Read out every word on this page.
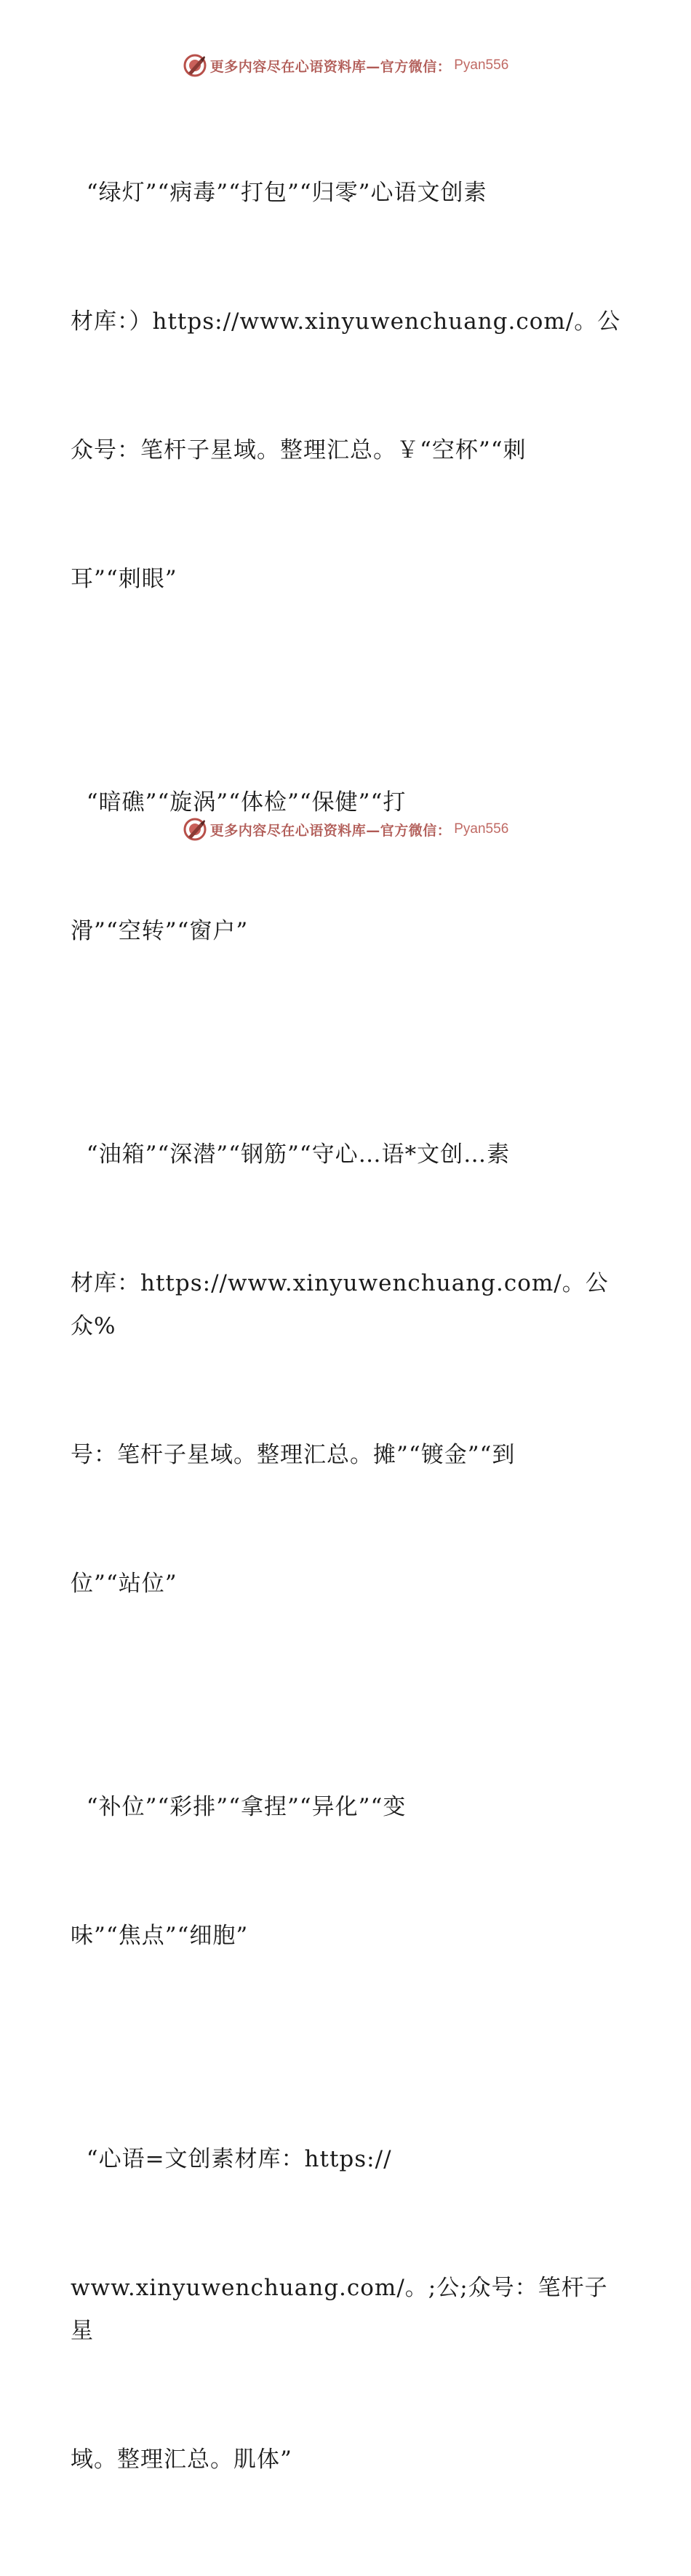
更多内容尽在心语资料库—官方微信： Pyan556

“绿灯”“病毒”“打包”“归零”心语文创素

材库：）https://www.xinyuwenchuang.com/。公

众号：笔杆子星域。整理汇总。￥“空杯”“刺

耳”“刺眼”

“暗礁”“旋涡”“体检”“保健”“打

滑”“空转”“窗户”

“油箱”“深潜”“钢筋”“守心…语*文创…素

材库：https://www.xinyuwenchuang.com/。公众%

号：笔杆子星域。整理汇总。摊”“镀金”“到

位”“站位”

“补位”“彩排”“拿捏”“异化”“变

味”“焦点”“细胞”

“心语=文创素材库：https://

www.xinyuwenchuang.com/。;公;众号：笔杆子星

域。整理汇总。肌体”

更多内容尽在心语资料库—官方微信： Pyan556
